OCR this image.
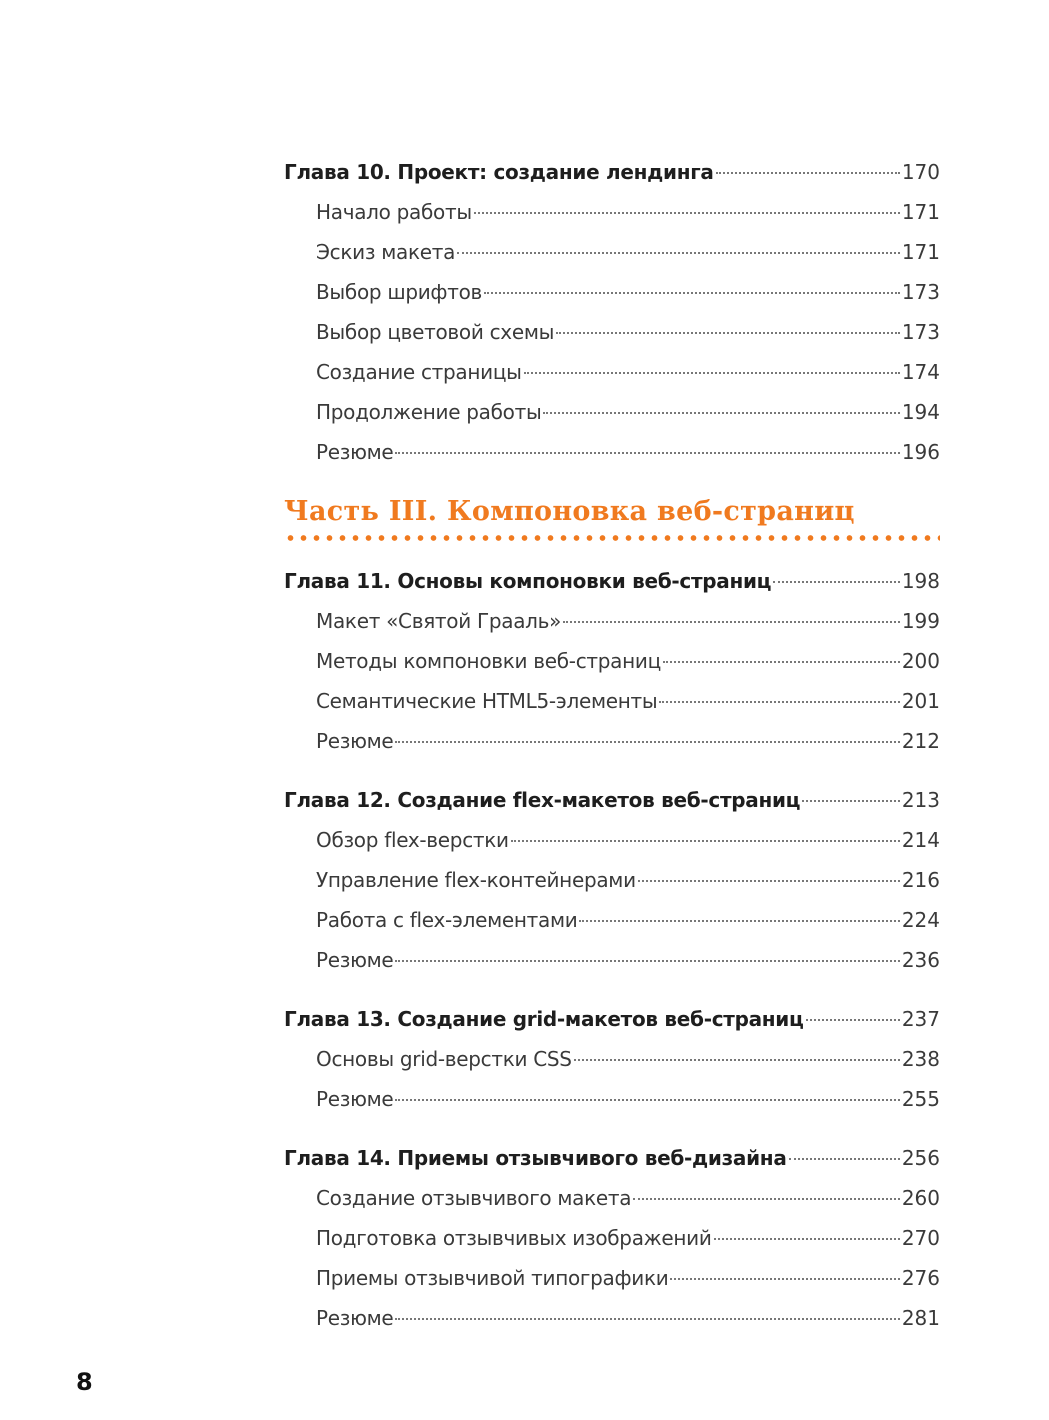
Глава 10. Проект: создание лендинга	170
Начало работы	171
Эскиз макета	171
Выбор шрифтов	173
Выбор цветовой схемы	173
Создание страницы	174
Продолжение работы	194
Резюме	196
Часть III. Компоновка веб-страниц
Глава 11. Основы компоновки веб-страниц	198
Макет «Святой Грааль»	199
Методы компоновки веб-страниц	200
Семантические HTML5-элементы	201
Резюме	212
Глава 12. Создание flex-макетов веб-страниц	213
Обзор flex-верстки	214
Управление flex-контейнерами	216
Работа с flex-элементами	224
Резюме	236
Глава 13. Создание grid-макетов веб-страниц	237
Основы grid-верстки CSS	238
Резюме	255
Глава 14. Приемы отзывчивого веб-дизайна	256
Создание отзывчивого макета	260
Подготовка отзывчивых изображений	270
Приемы отзывчивой типографики	276
Резюме	281
8
